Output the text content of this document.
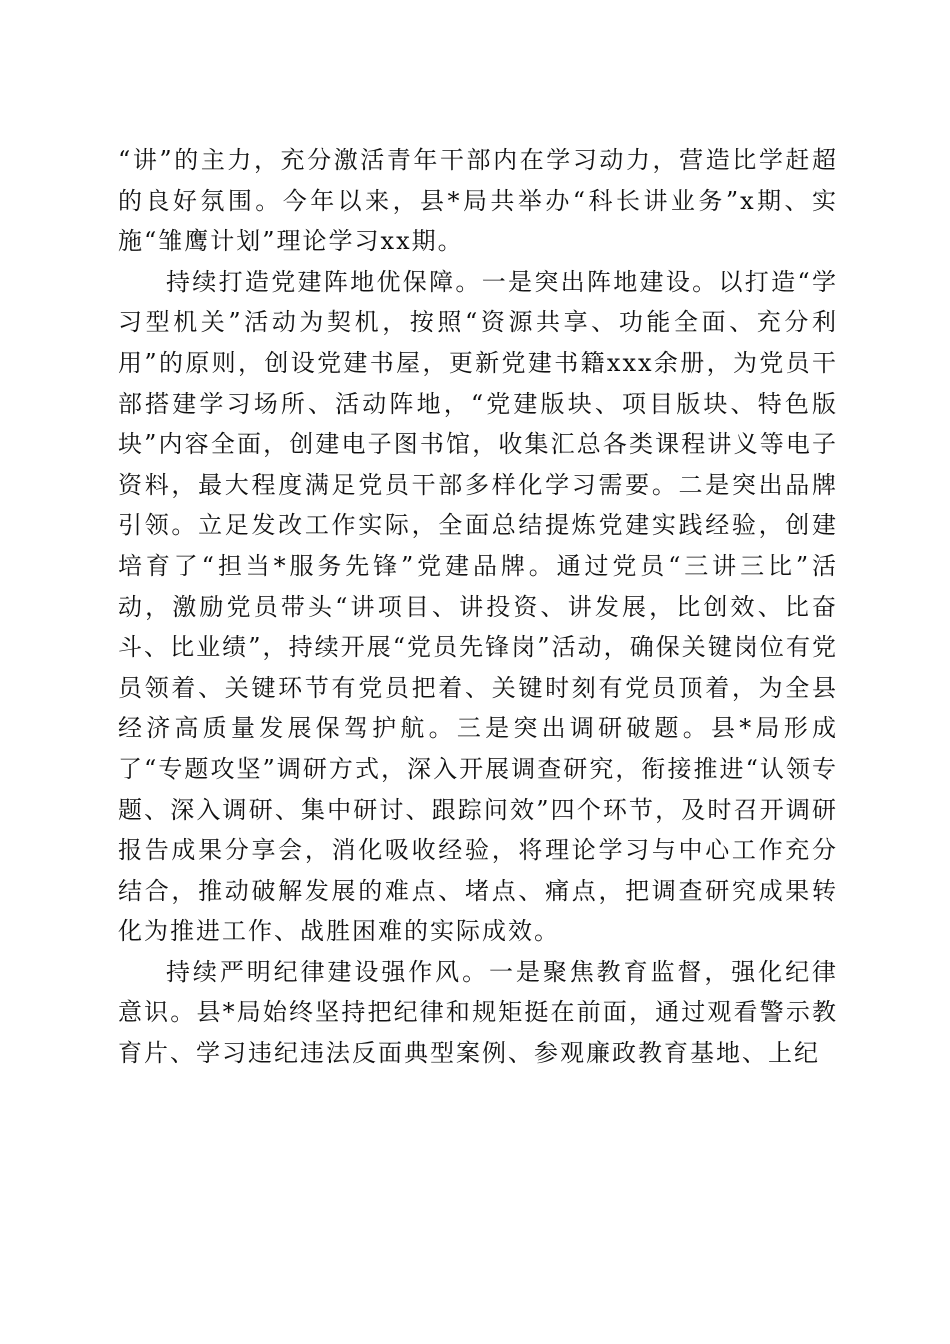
“讲”的主力，充分激活青年干部内在学习动力，营造比学赶超的良好氛围。今年以来，县*局共举办“科长讲业务”x期、实施“雏鹰计划”理论学习xx期。

持续打造党建阵地优保障。一是突出阵地建设。以打造“学习型机关”活动为契机，按照“资源共享、功能全面、充分利用”的原则，创设党建书屋，更新党建书籍xxx余册，为党员干部搭建学习场所、活动阵地，“党建版块、项目版块、特色版块”内容全面，创建电子图书馆，收集汇总各类课程讲义等电子资料，最大程度满足党员干部多样化学习需要。二是突出品牌引领。立足发改工作实际，全面总结提炼党建实践经验，创建培育了“担当*服务先锋”党建品牌。通过党员“三讲三比”活动，激励党员带头“讲项目、讲投资、讲发展，比创效、比奋斗、比业绩”，持续开展“党员先锋岗”活动，确保关键岗位有党员领着、关键环节有党员把着、关键时刻有党员顶着，为全县经济高质量发展保驾护航。三是突出调研破题。县*局形成了“专题攻坚”调研方式，深入开展调查研究，衔接推进“认领专题、深入调研、集中研讨、跟踪问效”四个环节，及时召开调研报告成果分享会，消化吸收经验，将理论学习与中心工作充分结合，推动破解发展的难点、堵点、痛点，把调查研究成果转化为推进工作、战胜困难的实际成效。

持续严明纪律建设强作风。一是聚焦教育监督，强化纪律意识。县*局始终坚持把纪律和规矩挺在前面，通过观看警示教育片、学习违纪违法反面典型案例、参观廉政教育基地、上纪
